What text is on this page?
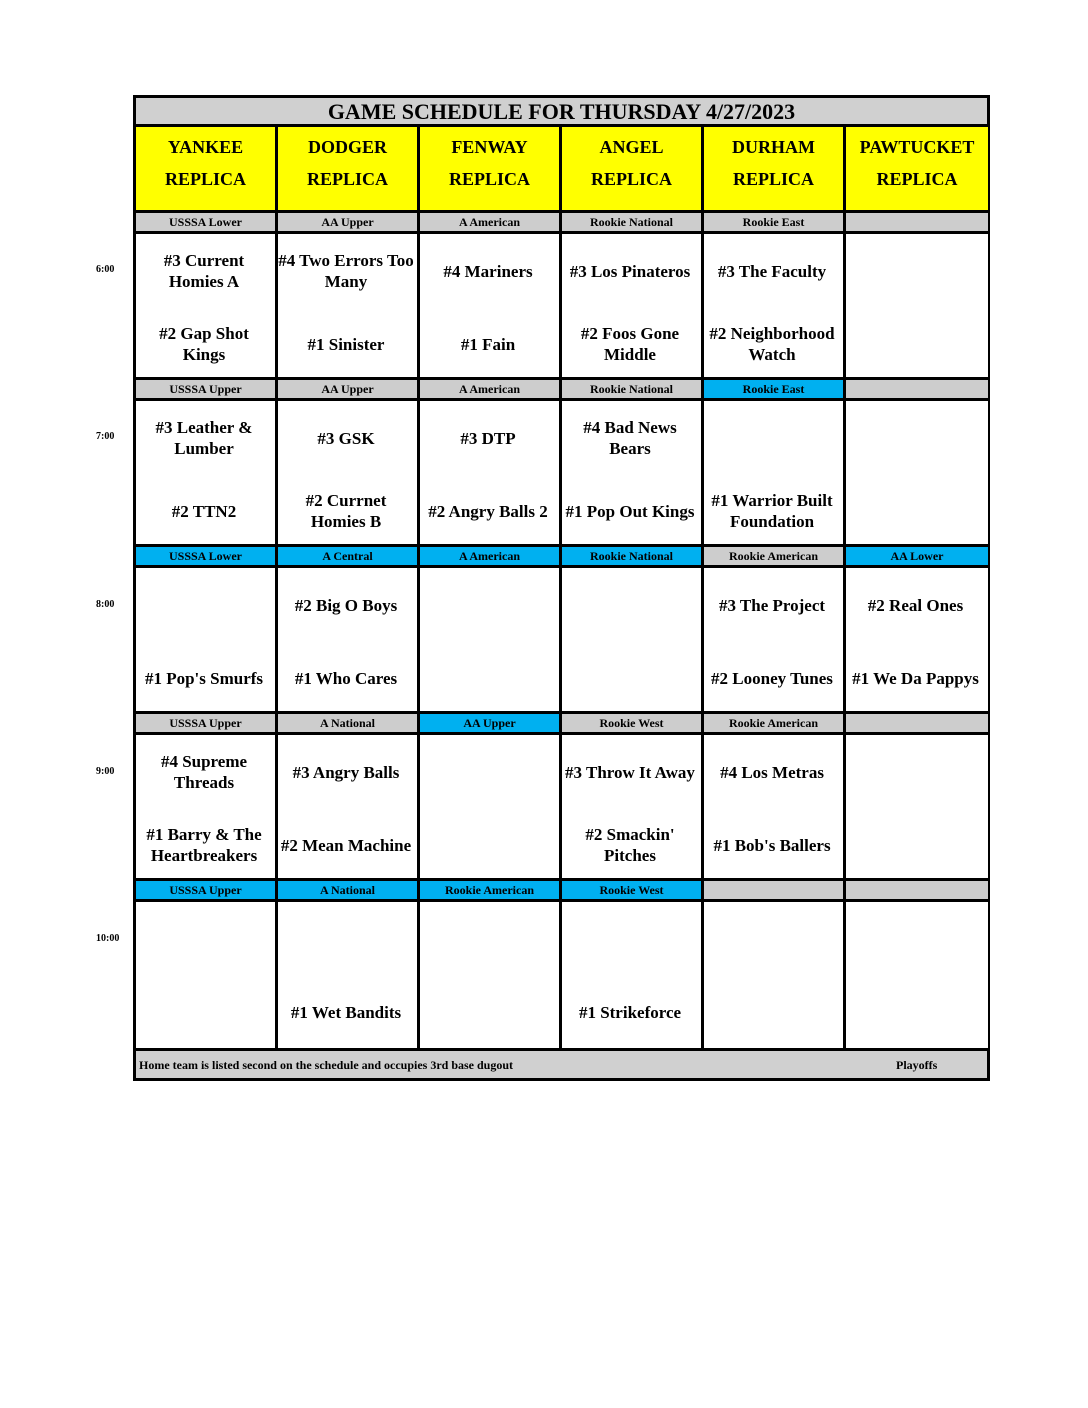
6:00
7:00
8:00
9:00
10:00
GAME SCHEDULE FOR THURSDAY 4/27/2023
YANKEE
REPLICA
USSSA Lower
#3 Current Homies A
#2 Gap Shot Kings
USSSA Upper
#3 Leather & Lumber
#2 TTN2
USSSA Lower
#1 Pop's Smurfs
USSSA Upper
#4 Supreme Threads
#1 Barry & The Heartbreakers
USSSA Upper
DODGER
REPLICA
AA Upper
#4 Two Errors Too Many
#1 Sinister
AA Upper
#3 GSK
#2 Currnet Homies B
A Central
#2 Big O Boys
#1 Who Cares
A National
#3 Angry Balls
#2 Mean Machine
A National
#1 Wet Bandits
FENWAY
REPLICA
A American
#4 Mariners
#1 Fain
A American
#3 DTP
#2 Angry Balls 2
A American
AA Upper
Rookie American
ANGEL
REPLICA
Rookie National
#3 Los Pinateros
#2 Foos Gone Middle
Rookie National
#4 Bad News Bears
#1 Pop Out Kings
Rookie National
Rookie West
#3 Throw It Away
#2 Smackin' Pitches
Rookie West
#1 Strikeforce
DURHAM
REPLICA
Rookie East
#3 The Faculty
#2 Neighborhood Watch
Rookie East
#1 Warrior Built Foundation
Rookie American
#3 The Project
#2 Looney Tunes
Rookie American
#4 Los Metras
#1 Bob's Ballers
PAWTUCKET
REPLICA
AA Lower
#2 Real Ones
#1 We Da Pappys
Home team is listed second on the schedule and occupies 3rd base dugout	Playoffs
